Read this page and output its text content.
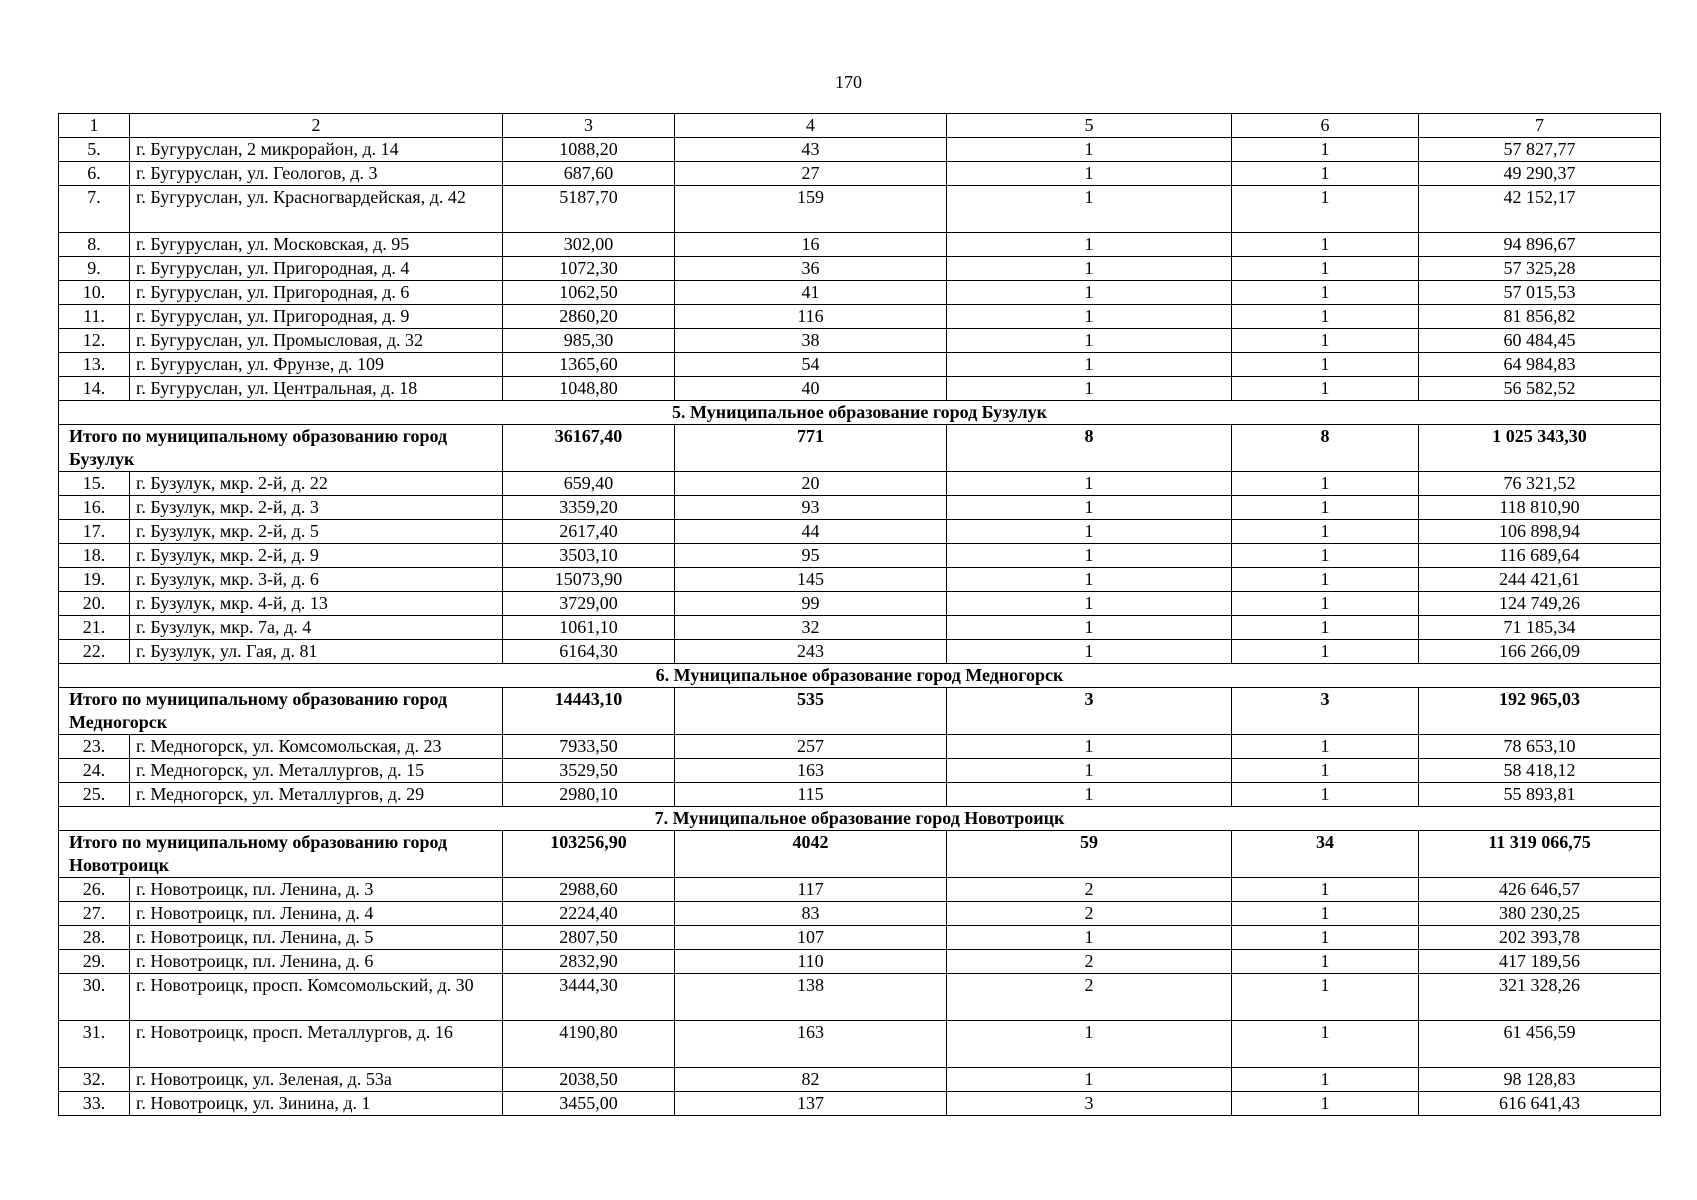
170
1	2	3	4	5	6	7
5.	г. Бугуруслан, 2 микрорайон, д. 14	1088,20	43	1	1	57 827,77
6.	г. Бугуруслан, ул. Геологов, д. 3	687,60	27	1	1	49 290,37
7.	г. Бугуруслан, ул. Красногвардейская, д. 42	5187,70	159	1	1	42 152,17
8.	г. Бугуруслан, ул. Московская, д. 95	302,00	16	1	1	94 896,67
9.	г. Бугуруслан, ул. Пригородная, д. 4	1072,30	36	1	1	57 325,28
10.	г. Бугуруслан, ул. Пригородная, д. 6	1062,50	41	1	1	57 015,53
11.	г. Бугуруслан, ул. Пригородная, д. 9	2860,20	116	1	1	81 856,82
12.	г. Бугуруслан, ул. Промысловая, д. 32	985,30	38	1	1	60 484,45
13.	г. Бугуруслан, ул. Фрунзе, д. 109	1365,60	54	1	1	64 984,83
14.	г. Бугуруслан, ул. Центральная, д. 18	1048,80	40	1	1	56 582,52
5. Муниципальное образование город Бузулук						
Итого по муниципальному образованию город Бузулук		36167,40	771	8	8	1 025 343,30
15.	г. Бузулук, мкр. 2-й, д. 22	659,40	20	1	1	76 321,52
16.	г. Бузулук, мкр. 2-й, д. 3	3359,20	93	1	1	118 810,90
17.	г. Бузулук, мкр. 2-й, д. 5	2617,40	44	1	1	106 898,94
18.	г. Бузулук, мкр. 2-й, д. 9	3503,10	95	1	1	116 689,64
19.	г. Бузулук, мкр. 3-й, д. 6	15073,90	145	1	1	244 421,61
20.	г. Бузулук, мкр. 4-й, д. 13	3729,00	99	1	1	124 749,26
21.	г. Бузулук, мкр. 7а, д. 4	1061,10	32	1	1	71 185,34
22.	г. Бузулук, ул. Гая, д. 81	6164,30	243	1	1	166 266,09
6. Муниципальное образование город Медногорск						
Итого по муниципальному образованию город Медногорск		14443,10	535	3	3	192 965,03
23.	г. Медногорск, ул. Комсомольская, д. 23	7933,50	257	1	1	78 653,10
24.	г. Медногорск, ул. Металлургов, д. 15	3529,50	163	1	1	58 418,12
25.	г. Медногорск, ул. Металлургов, д. 29	2980,10	115	1	1	55 893,81
7. Муниципальное образование город Новотроицк						
Итого по муниципальному образованию город Новотроицк		103256,90	4042	59	34	11 319 066,75
26.	г. Новотроицк, пл. Ленина, д. 3	2988,60	117	2	1	426 646,57
27.	г. Новотроицк, пл. Ленина, д. 4	2224,40	83	2	1	380 230,25
28.	г. Новотроицк, пл. Ленина, д. 5	2807,50	107	1	1	202 393,78
29.	г. Новотроицк, пл. Ленина, д. 6	2832,90	110	2	1	417 189,56
30.	г. Новотроицк, просп. Комсомольский, д. 30	3444,30	138	2	1	321 328,26
31.	г. Новотроицк, просп. Металлургов, д. 16	4190,80	163	1	1	61 456,59
32.	г. Новотроицк, ул. Зеленая, д. 53а	2038,50	82	1	1	98 128,83
33.	г. Новотроицк, ул. Зинина, д. 1	3455,00	137	3	1	616 641,43
